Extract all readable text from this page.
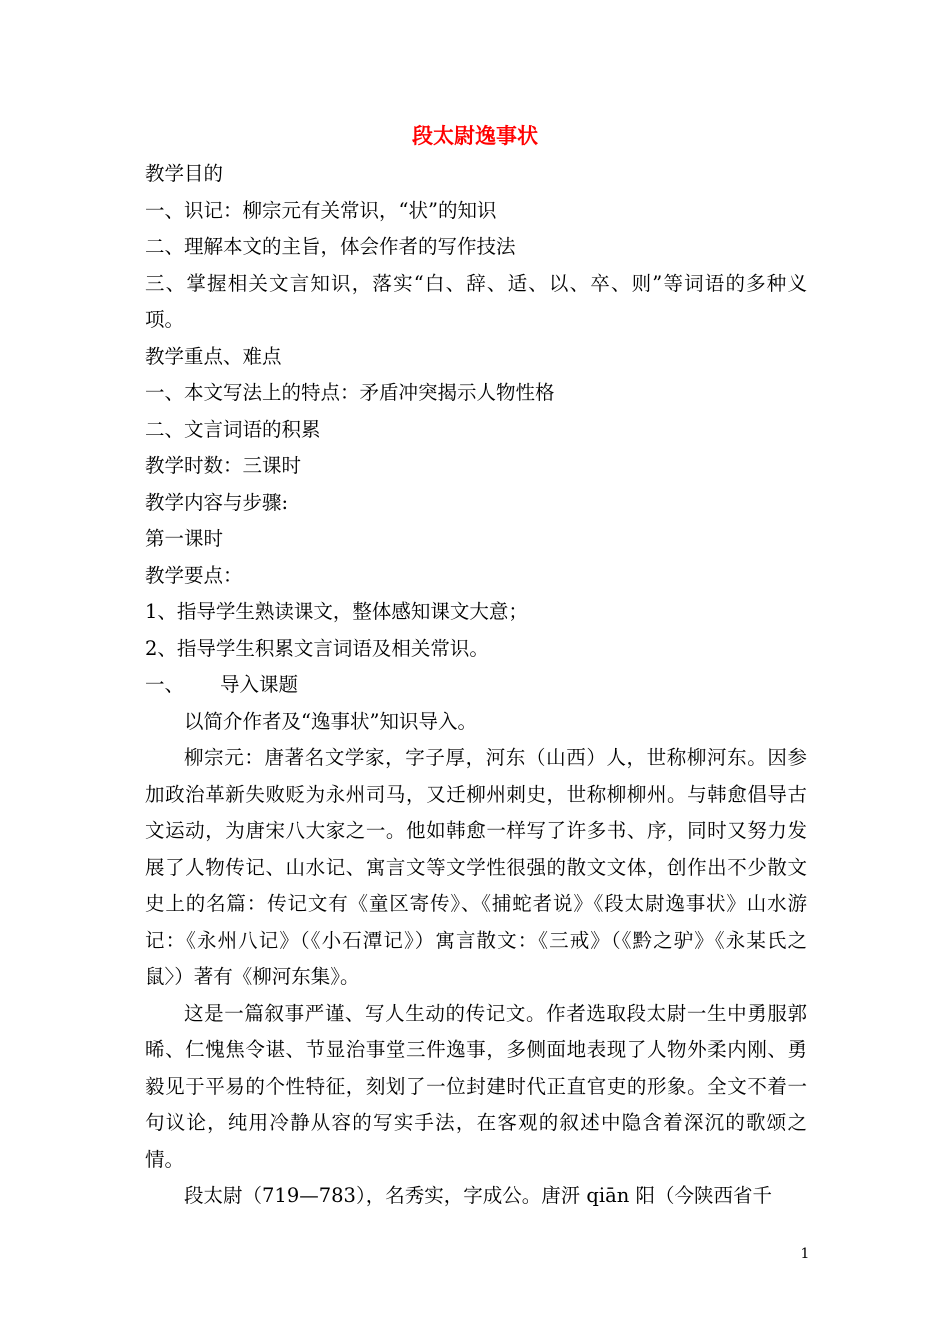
段太尉逸事状

教学目的

一、识记：柳宗元有关常识，“状”的知识

二、理解本文的主旨，体会作者的写作技法

三、掌握相关文言知识，落实“白、辞、适、以、卒、则”等词语的多种义项。

教学重点、难点

一、本文写法上的特点：矛盾冲突揭示人物性格

二、文言词语的积累

教学时数：三课时

教学内容与步骤:

第一课时

教学要点：

1、指导学生熟读课文，整体感知课文大意；

2、指导学生积累文言词语及相关常识。

一、 导入课题

以简介作者及“逸事状”知识导入。

柳宗元：唐著名文学家，字子厚，河东（山西）人，世称柳河东。因参加政治革新失败贬为永州司马，又迁柳州刺史，世称柳柳州。与韩愈倡导古文运动，为唐宋八大家之一。他如韩愈一样写了许多书、序，同时又努力发展了人物传记、山水记、寓言文等文学性很强的散文文体，创作出不少散文史上的名篇：传记文有《童区寄传》、《捕蛇者说》《段太尉逸事状》山水游记：《永州八记》（《小石潭记》）寓言散文：《三戒》（《黔之驴》《永某氏之鼠〉）著有《柳河东集》。

这是一篇叙事严谨、写人生动的传记文。作者选取段太尉一生中勇服郭晞、仁愧焦令谌、节显治事堂三件逸事，多侧面地表现了人物外柔内刚、勇毅见于平易的个性特征，刻划了一位封建时代正直官吏的形象。全文不着一句议论，纯用冷静从容的写实手法，在客观的叙述中隐含着深沉的歌颂之情。

段太尉（719—783），名秀实，字成公。唐汧 qiān 阳（今陕西省千

1
